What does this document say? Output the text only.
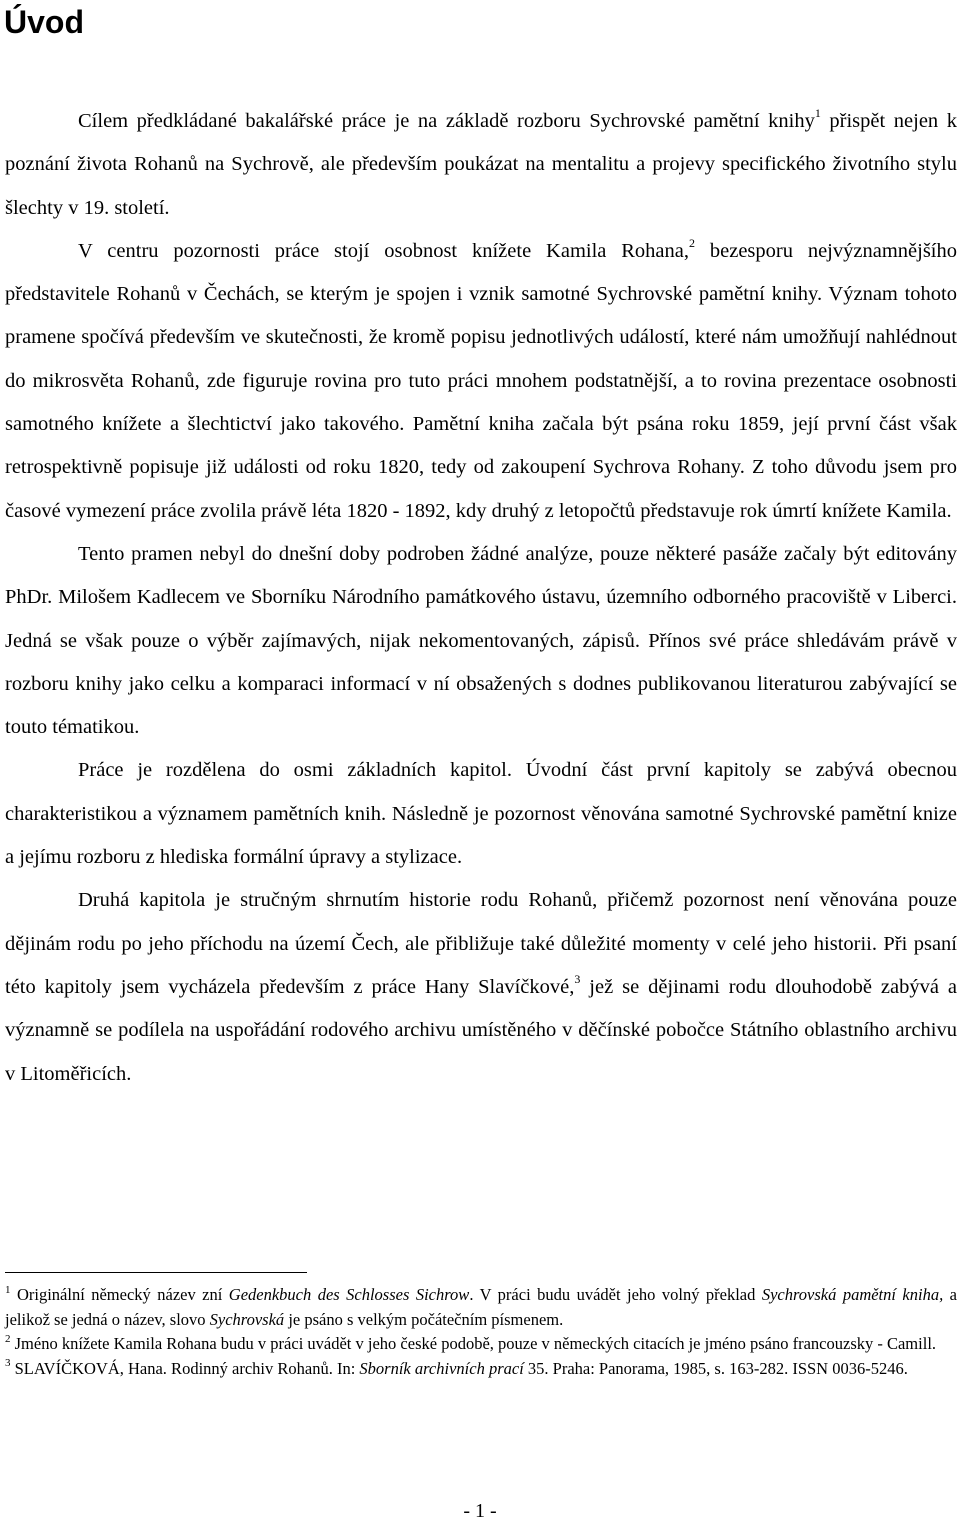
Úvod

Cílem předkládané bakalářské práce je na základě rozboru Sychrovské pamětní knihy$^1$ přispět nejen k poznání života Rohanů na Sychrově, ale především poukázat na mentalitu a projevy specifického životního stylu šlechty v 19. století.

V centru pozornosti práce stojí osobnost knížete Kamila Rohana,$^2$ bezesporu nejvýznamnějšího představitele Rohanů v Čechách, se kterým je spojen i vznik samotné Sychrovské pamětní knihy. Význam tohoto pramene spočívá především ve skutečnosti, že kromě popisu jednotlivých událostí, které nám umožňují nahlédnout do mikrosvěta Rohanů, zde figuruje rovina pro tuto práci mnohem podstatnější, a to rovina prezentace osobnosti samotného knížete a šlechtictví jako takového. Pamětní kniha začala být psána roku 1859, její první část však retrospektivně popisuje již události od roku 1820, tedy od zakoupení Sychrova Rohany. Z toho důvodu jsem pro časové vymezení práce zvolila právě léta 1820 - 1892, kdy druhý z letopočtů představuje rok úmrtí knížete Kamila.

Tento pramen nebyl do dnešní doby podroben žádné analýze, pouze některé pasáže začaly být editovány PhDr. Milošem Kadlecem ve Sborníku Národního památkového ústavu, územního odborného pracoviště v Liberci. Jedná se však pouze o výběr zajímavých, nijak nekomentovaných, zápisů. Přínos své práce shledávám právě v rozboru knihy jako celku a komparaci informací v ní obsažených s dodnes publikovanou literaturou zabývající se touto tématikou.

Práce je rozdělena do osmi základních kapitol. Úvodní část první kapitoly se zabývá obecnou charakteristikou a významem pamětních knih. Následně je pozornost věnována samotné Sychrovské pamětní knize a jejímu rozboru z hlediska formální úpravy a stylizace.

Druhá kapitola je stručným shrnutím historie rodu Rohanů, přičemž pozornost není věnována pouze dějinám rodu po jeho příchodu na území Čech, ale přibližuje také důležité momenty v celé jeho historii. Při psaní této kapitoly jsem vycházela především z práce Hany Slavíčkové,$^3$ jež se dějinami rodu dlouhodobě zabývá a významně se podílela na uspořádání rodového archivu umístěného v děčínské pobočce Státního oblastního archivu v Litoměřicích.

$^1$ Originální německý název zní Gedenkbuch des Schlosses Sichrow. V práci budu uvádět jeho volný překlad Sychrovská pamětní kniha, a jelikož se jedná o název, slovo Sychrovská je psáno s velkým počátečním písmenem.

$^2$ Jméno knížete Kamila Rohana budu v práci uvádět v jeho české podobě, pouze v německých citacích je jméno psáno francouzsky - Camill.

$^3$ SLAVÍČKOVÁ, Hana. Rodinný archiv Rohanů. In: Sborník archivních prací 35. Praha: Panorama, 1985, s. 163-282. ISSN 0036-5246.

- 1 -
